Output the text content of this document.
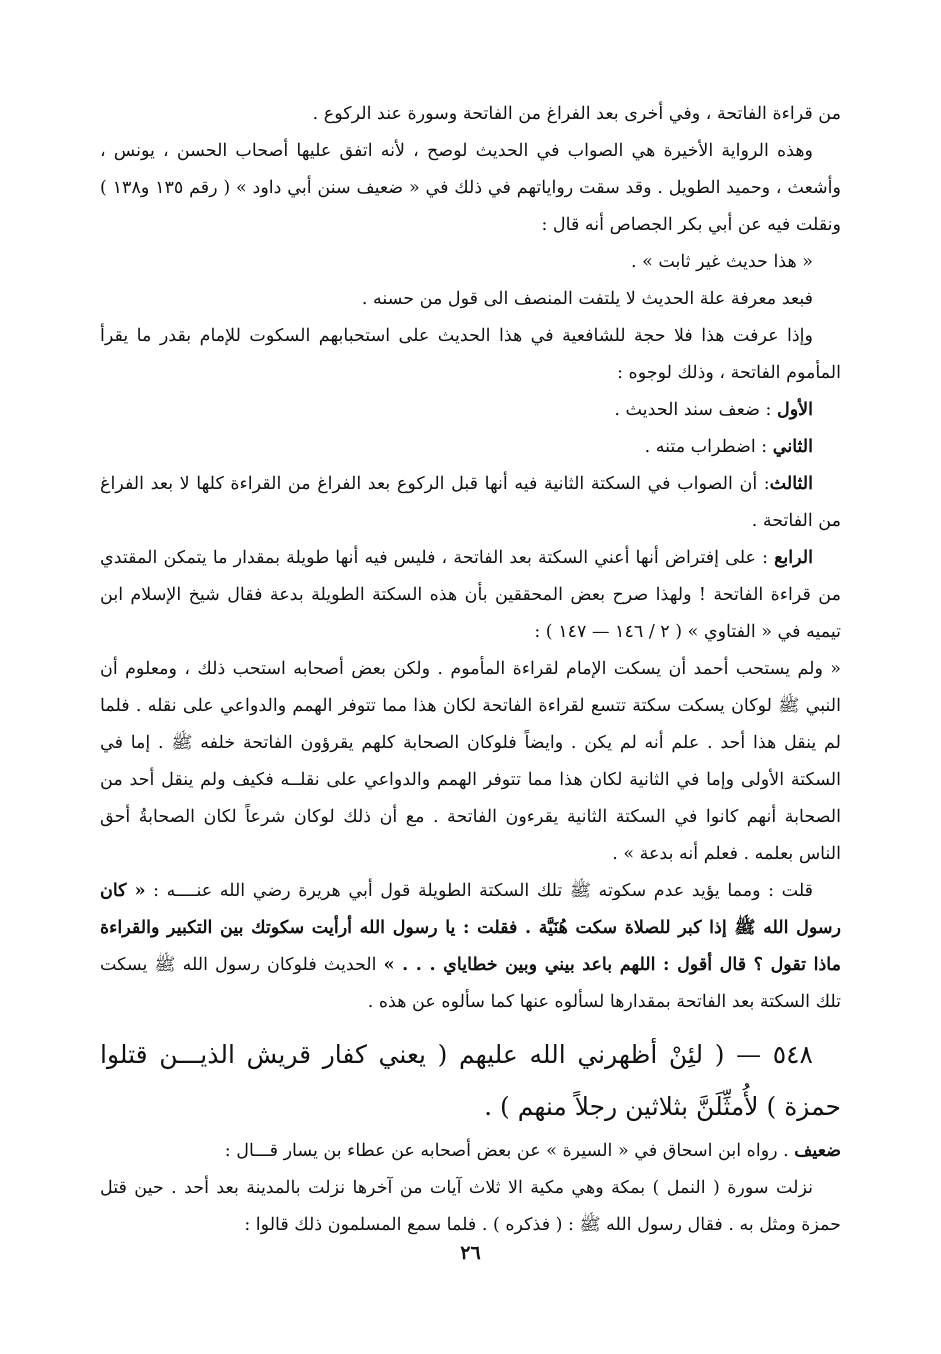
من قراءة الفاتحة ، وفي أخرى بعد الفراغ من الفاتحة وسورة عند الركوع .

وهذه الرواية الأخيرة هي الصواب في الحديث لوصح ، لأنه اتفق عليها أصحاب الحسن ، يونس ، وأشعث ، وحميد الطويل . وقد سقت رواياتهم في ذلك في « ضعيف سنن أبي داود » ( رقم ١٣٥ و١٣٨ ) ونقلت فيه عن أبي بكر الجصاص أنه قال :

« هذا حديث غير ثابت » .

فبعد معرفة علة الحديث لا يلتفت المنصف الى قول من حسنه .

وإذا عرفت هذا فلا حجة للشافعية في هذا الحديث على استحبابهم السكوت للإمام بقدر ما يقرأ المأموم الفاتحة ، وذلك لوجوه :

الأول : ضعف سند الحديث .

الثاني : اضطراب متنه .

الثالث: أن الصواب في السكتة الثانية فيه أنها قبل الركوع بعد الفراغ من القراءة كلها لا بعد الفراغ من الفاتحة .

الرابع : على إفتراض أنها أعني السكتة بعد الفاتحة ، فليس فيه أنها طويلة بمقدار ما يتمكن المقتدي من قراءة الفاتحة ! ولهذا صرح بعض المحققين بأن هذه السكتة الطويلة بدعة فقال شيخ الإسلام ابن تيميه في « الفتاوي » ( ٢ / ١٤٦ — ١٤٧ ) :

« ولم يستحب أحمد أن يسكت الإمام لقراءة المأموم . ولكن بعض أصحابه استحب ذلك ، ومعلوم أن النبي ﷺ لوكان يسكت سكتة تتسع لقراءة الفاتحة لكان هذا مما تتوفر الهمم والدواعي على نقله . فلما لم ينقل هذا أحد . علم أنه لم يكن . وايضاً فلوكان الصحابة كلهم يقرؤون الفاتحة خلفه ﷺ . إما في السكتة الأولى وإما في الثانية لكان هذا مما تتوفر الهمم والدواعي على نقلــه فكيف ولم ينقل أحد من الصحابة أنهم كانوا في السكتة الثانية يقرءون الفاتحة . مع أن ذلك لوكان شرعاً لكان الصحابةُ أحق الناس بعلمه . فعلم أنه بدعة » .

قلت : ومما يؤيد عدم سكوته ﷺ تلك السكتة الطويلة قول أبي هريرة رضي الله عنــــه : « كان رسول الله ﷺ إذا كبر للصلاة سكت هُنَيَّة . فقلت : يا رسول الله أرأيت سكوتك بين التكبير والقراءة ماذا تقول ؟ قال أقول : اللهم باعد بيني وبين خطاياي . . . » الحديث فلوكان رسول الله ﷺ يسكت تلك السكتة بعد الفاتحة بمقدارها لسألوه عنها كما سألوه عن هذه .

٥٤٨ — ( لئِنْ أظهرني الله عليهم ( يعني كفار قريش الذيـــن قتلوا حمزة ) لأُمثِّلَنَّ بثلاثين رجلاً منهم ) .

ضعيف . رواه ابن اسحاق في « السيرة » عن بعض أصحابه عن عطاء بن يسار قـــال :

نزلت سورة ( النمل ) بمكة وهي مكية الا ثلاث آيات من آخرها نزلت بالمدينة بعد أحد . حين قتل حمزة ومثل به . فقال رسول الله ﷺ : ( فذكره ) . فلما سمع المسلمون ذلك قالوا :

٢٦
